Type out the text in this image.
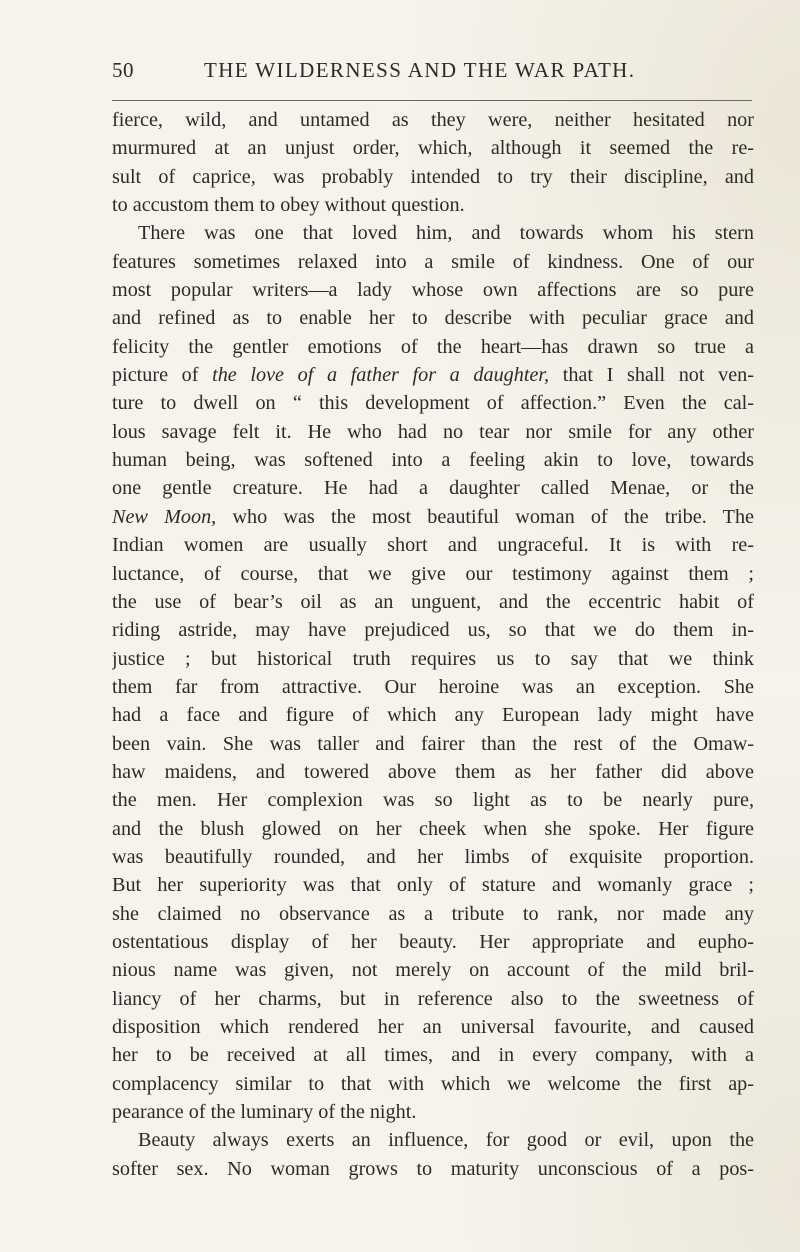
50	THE WILDERNESS AND THE WAR PATH.
fierce, wild, and untamed as they were, neither hesitated nor
murmured at an unjust order, which, although it seemed the re-
sult of caprice, was probably intended to try their discipline, and
to accustom them to obey without question.
There was one that loved him, and towards whom his stern
features sometimes relaxed into a smile of kindness. One of our
most popular writers—a lady whose own affections are so pure
and refined as to enable her to describe with peculiar grace and
felicity the gentler emotions of the heart—has drawn so true a
picture of the love of a father for a daughter, that I shall not ven-
ture to dwell on “ this development of affection.” Even the cal-
lous savage felt it. He who had no tear nor smile for any other
human being, was softened into a feeling akin to love, towards
one gentle creature. He had a daughter called Menae, or the
New Moon, who was the most beautiful woman of the tribe. The
Indian women are usually short and ungraceful. It is with re-
luctance, of course, that we give our testimony against them ;
the use of bear’s oil as an unguent, and the eccentric habit of
riding astride, may have prejudiced us, so that we do them in-
justice ; but historical truth requires us to say that we think
them far from attractive. Our heroine was an exception. She
had a face and figure of which any European lady might have
been vain. She was taller and fairer than the rest of the Omaw-
haw maidens, and towered above them as her father did above
the men. Her complexion was so light as to be nearly pure,
and the blush glowed on her cheek when she spoke. Her figure
was beautifully rounded, and her limbs of exquisite proportion.
But her superiority was that only of stature and womanly grace ;
she claimed no observance as a tribute to rank, nor made any
ostentatious display of her beauty. Her appropriate and eupho-
nious name was given, not merely on account of the mild bril-
liancy of her charms, but in reference also to the sweetness of
disposition which rendered her an universal favourite, and caused
her to be received at all times, and in every company, with a
complacency similar to that with which we welcome the first ap-
pearance of the luminary of the night.
Beauty always exerts an influence, for good or evil, upon the
softer sex. No woman grows to maturity unconscious of a pos-
